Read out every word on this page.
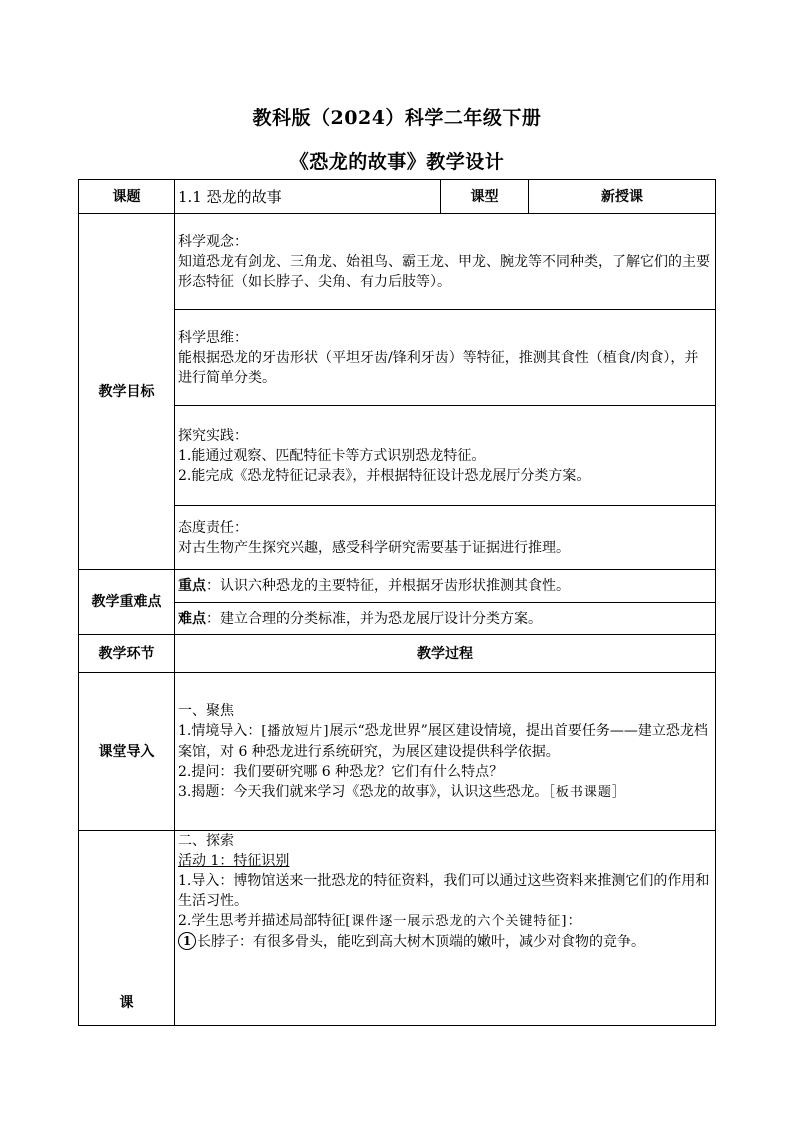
教科版（2024）科学二年级下册
《恐龙的故事》教学设计
课题	1.1 恐龙的故事	课型	新授课
教学目标	科学观念：
知道恐龙有剑龙、三角龙、始祖鸟、霸王龙、甲龙、腕龙等不同种类，了解它们的主要形态特征（如长脖子、尖角、有力后肢等）。		

	科学思维：
能根据恐龙的牙齿形状（平坦牙齿/锋利牙齿）等特征，推测其食性（植食/肉食），并进行简单分类。		

	探究实践：
1.能通过观察、匹配特征卡等方式识别恐龙特征。
2.能完成《恐龙特征记录表》，并根据特征设计恐龙展厅分类方案。		

	态度责任：
对古生物产生探究兴趣，感受科学研究需要基于证据进行推理。		

教学重难点	重点：认识六种恐龙的主要特征，并根据牙齿形状推测其食性。		
	难点：建立合理的分类标准，并为恐龙展厅设计分类方案。		
教学环节	教学过程		
课堂导入	一、聚焦
1.情境导入：[播放短片]展示“恐龙世界”展区建设情境，提出首要任务——建立恐龙档案馆，对 6 种恐龙进行系统研究，为展区建设提供科学依据。
2.提问：我们要研究哪 6 种恐龙？它们有什么特点？
3.揭题：今天我们就来学习《恐龙的故事》，认识这些恐龙。［板书课题］		

课	二、探索
活动 1：特征识别
1.导入：博物馆送来一批恐龙的特征资料，我们可以通过这些资料来推测它们的作用和生活习性。
2.学生思考并描述局部特征[课件逐一展示恐龙的六个关键特征]：
1 长脖子：有很多骨头，能吃到高大树木顶端的嫩叶，减少对食物的竞争。		
